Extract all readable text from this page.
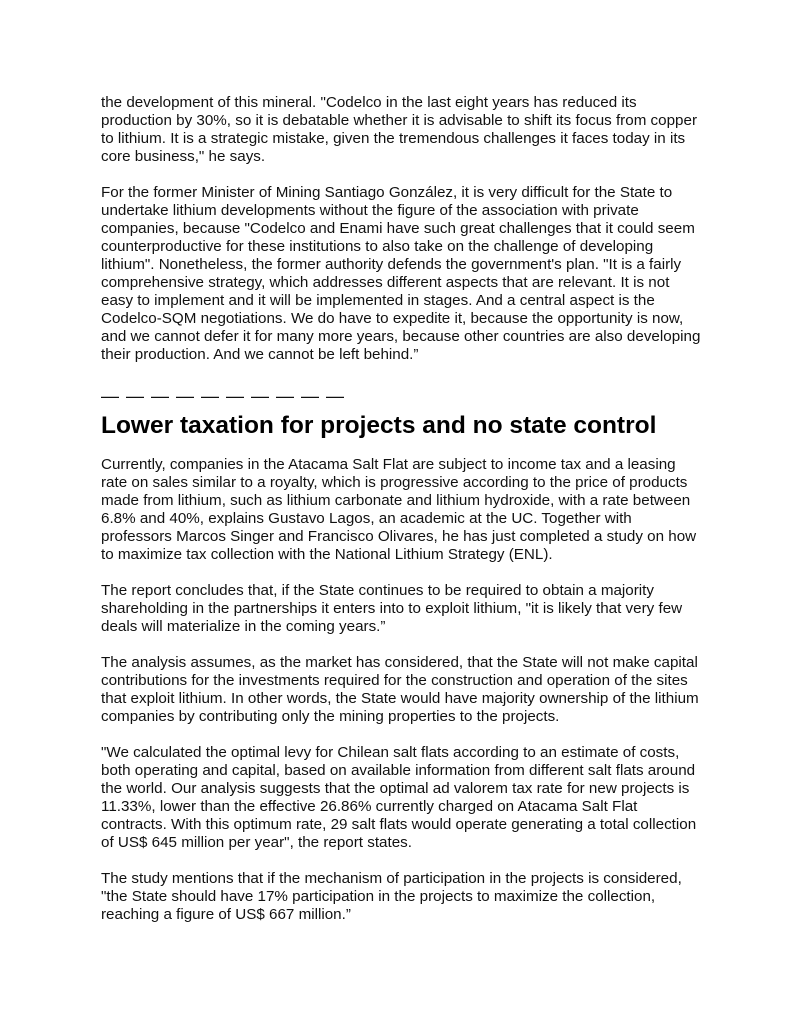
the development of this mineral. "Codelco in the last eight years has reduced its production by 30%, so it is debatable whether it is advisable to shift its focus from copper to lithium. It is a strategic mistake, given the tremendous challenges it faces today in its core business," he says.

For the former Minister of Mining Santiago González, it is very difficult for the State to undertake lithium developments without the figure of the association with private companies, because "Codelco and Enami have such great challenges that it could seem counterproductive for these institutions to also take on the challenge of developing lithium". Nonetheless, the former authority defends the government's plan. "It is a fairly comprehensive strategy, which addresses different aspects that are relevant. It is not easy to implement and it will be implemented in stages. And a central aspect is the Codelco-SQM negotiations. We do have to expedite it, because the opportunity is now, and we cannot defer it for many more years, because other countries are also developing their production. And we cannot be left behind.”

— — — — — — — — — —
Lower taxation for projects and no state control

Currently, companies in the Atacama Salt Flat are subject to income tax and a leasing rate on sales similar to a royalty, which is progressive according to the price of products made from lithium, such as lithium carbonate and lithium hydroxide, with a rate between 6.8% and 40%, explains Gustavo Lagos, an academic at the UC. Together with professors Marcos Singer and Francisco Olivares, he has just completed a study on how to maximize tax collection with the National Lithium Strategy (ENL).

The report concludes that, if the State continues to be required to obtain a majority shareholding in the partnerships it enters into to exploit lithium, "it is likely that very few deals will materialize in the coming years.”

The analysis assumes, as the market has considered, that the State will not make capital contributions for the investments required for the construction and operation of the sites that exploit lithium. In other words, the State would have majority ownership of the lithium companies by contributing only the mining properties to the projects.

"We calculated the optimal levy for Chilean salt flats according to an estimate of costs, both operating and capital, based on available information from different salt flats around the world. Our analysis suggests that the optimal ad valorem tax rate for new projects is 11.33%, lower than the effective 26.86% currently charged on Atacama Salt Flat contracts. With this optimum rate, 29 salt flats would operate generating a total collection of US$ 645 million per year", the report states.

The study mentions that if the mechanism of participation in the projects is considered, "the State should have 17% participation in the projects to maximize the collection, reaching a figure of US$ 667 million.”
